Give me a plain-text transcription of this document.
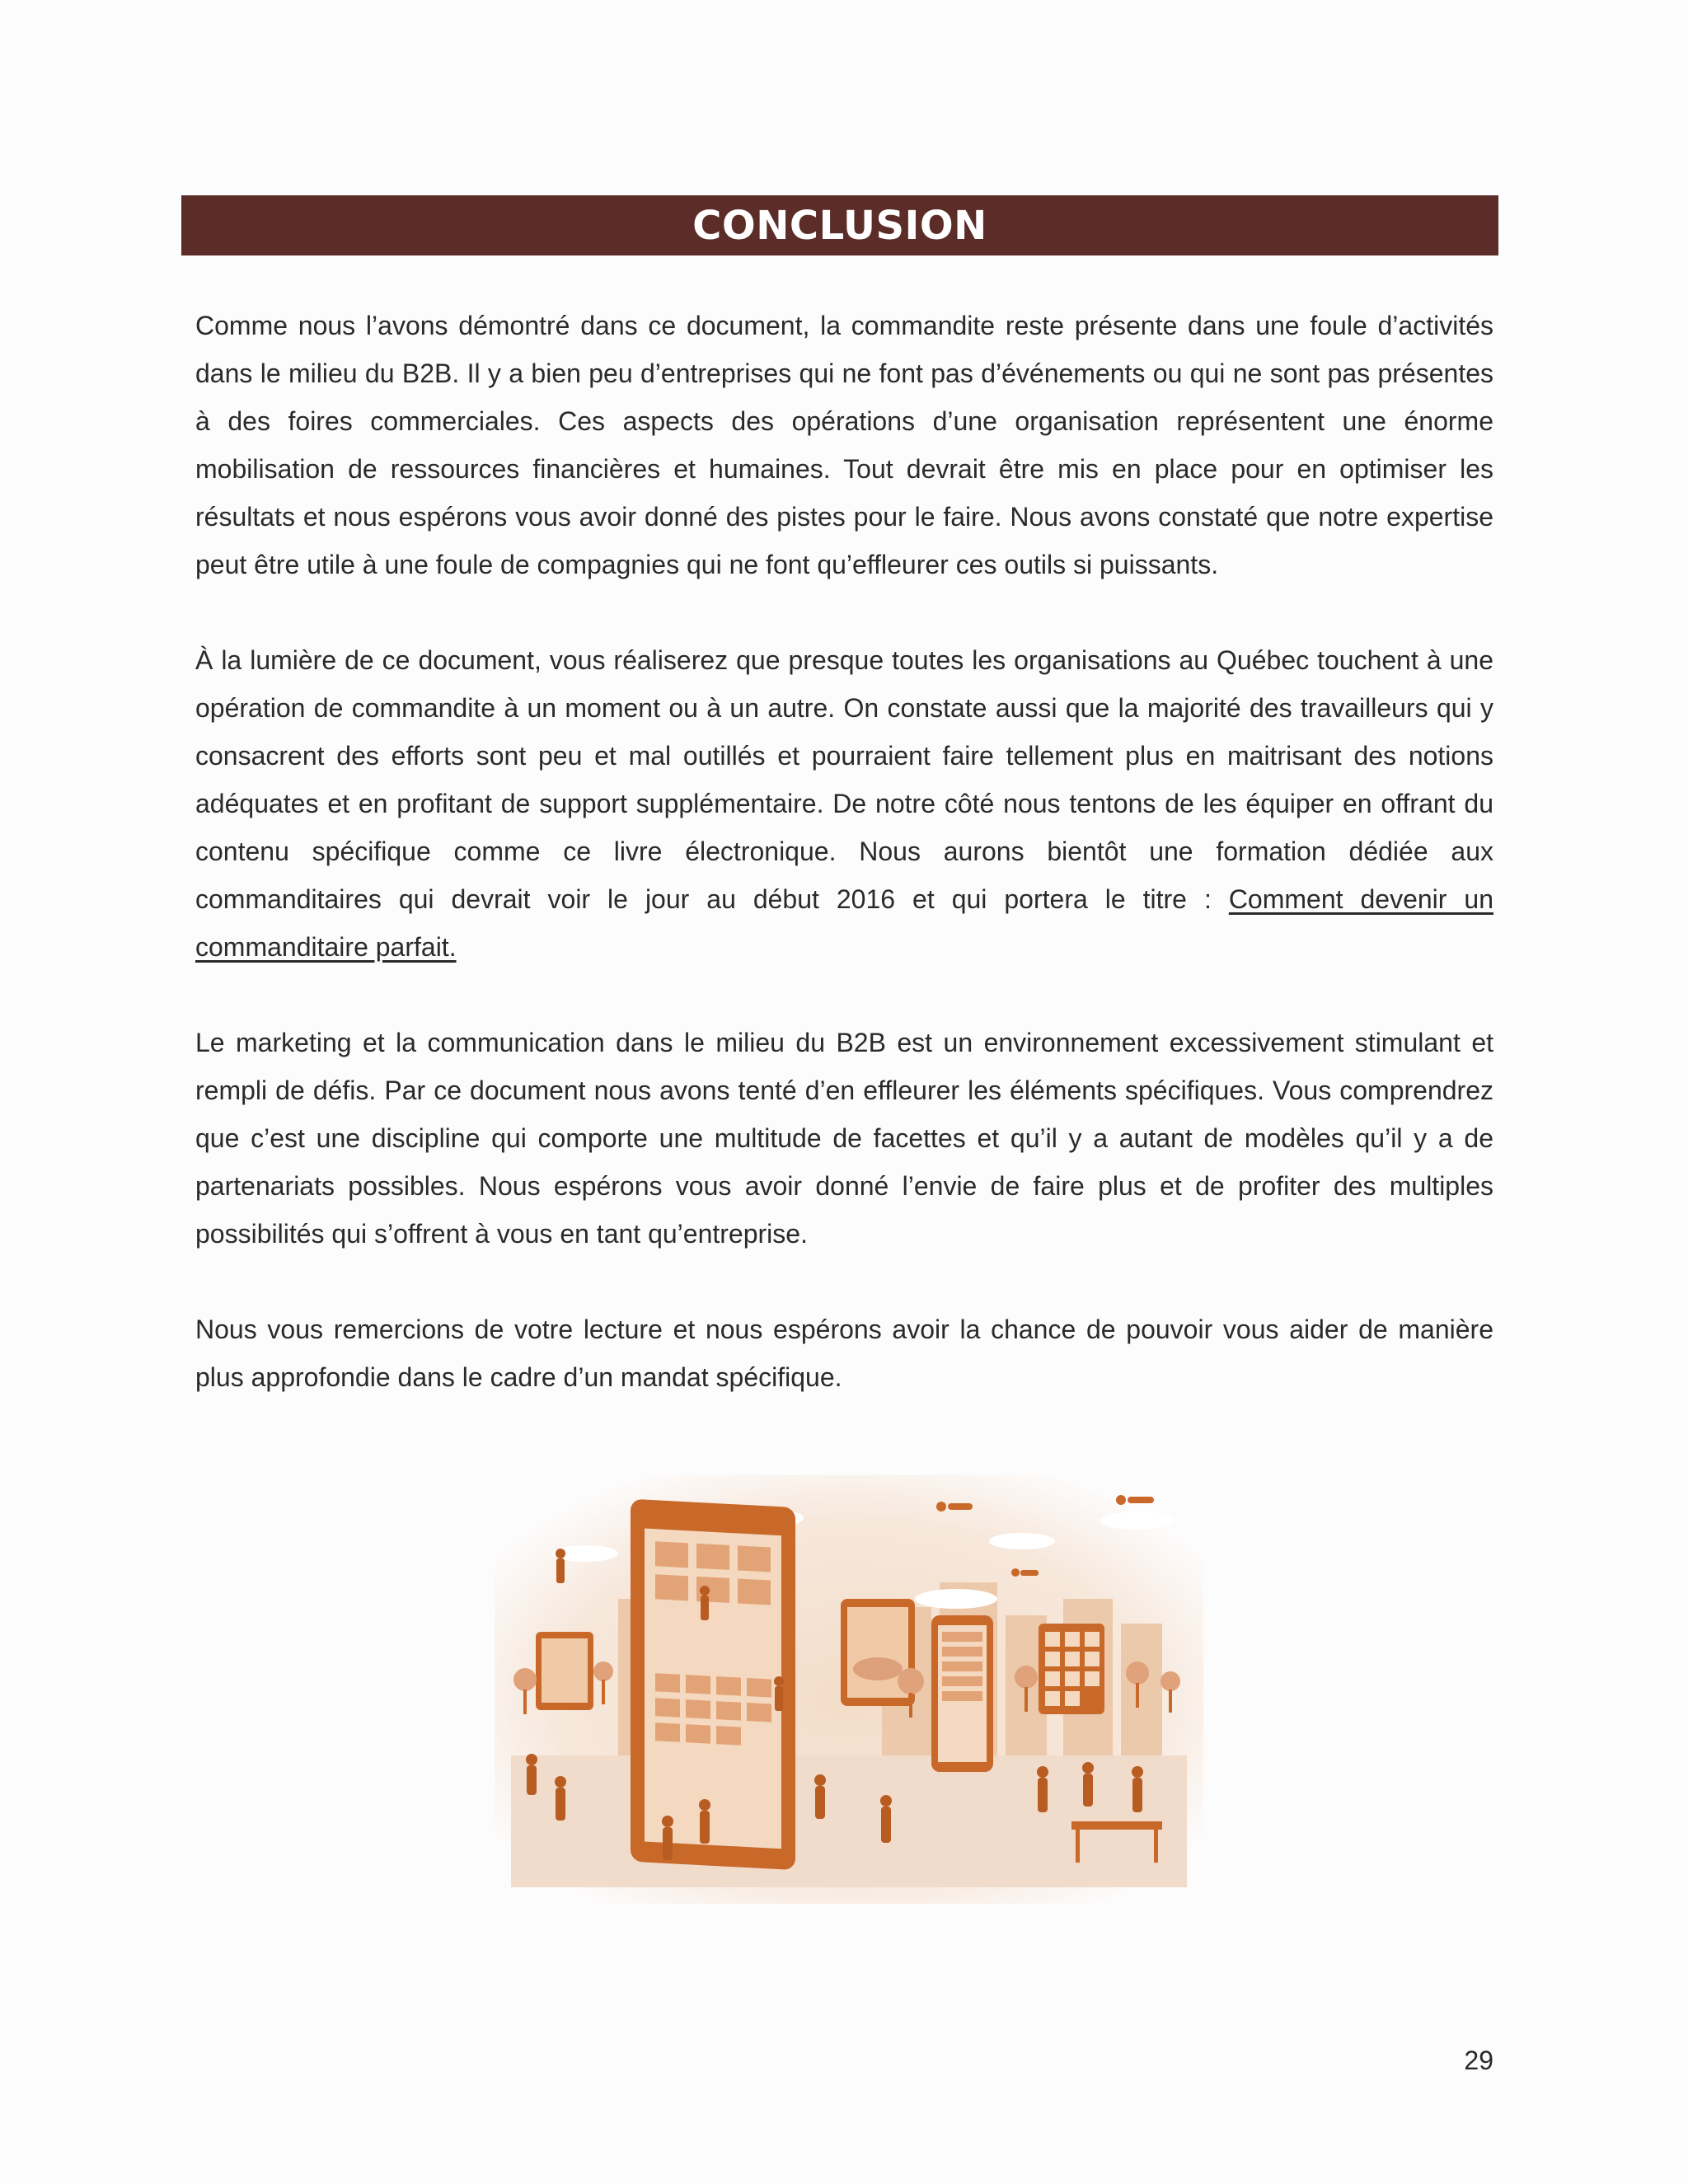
CONCLUSION

Comme nous l’avons démontré dans ce document, la commandite reste présente dans une foule d’activités dans le milieu du B2B. Il y a bien peu d’entreprises qui ne font pas d’événements ou qui ne sont pas présentes à des foires commerciales. Ces aspects des opérations d’une organisation représentent une énorme mobilisation de ressources financières et humaines. Tout devrait être mis en place pour en optimiser les résultats et nous espérons vous avoir donné des pistes pour le faire. Nous avons constaté que notre expertise peut être utile à une foule de compagnies qui ne font qu’effleurer ces outils si puissants.

À la lumière de ce document, vous réaliserez que presque toutes les organisations au Québec touchent à une opération de commandite à un moment ou à un autre. On constate aussi que la majorité des travailleurs qui y consacrent des efforts sont peu et mal outillés et pourraient faire tellement plus en maitrisant des notions adéquates et en profitant de support supplémentaire. De notre côté nous tentons de les équiper en offrant du contenu spécifique comme ce livre électronique. Nous aurons bientôt une formation dédiée aux commanditaires qui devrait voir le jour au début 2016 et qui portera le titre : Comment devenir un commanditaire parfait.

Le marketing et la communication dans le milieu du B2B est un environnement excessivement stimulant et rempli de défis. Par ce document nous avons tenté d’en effleurer les éléments spécifiques. Vous comprendrez que c’est une discipline qui comporte une multitude de facettes et qu’il y a autant de modèles qu’il y a de partenariats possibles. Nous espérons vous avoir donné l’envie de faire plus et de profiter des multiples possibilités qui s’offrent à vous en tant qu’entreprise.

Nous vous remercions de votre lecture et nous espérons avoir la chance de pouvoir vous aider de manière plus approfondie dans le cadre d’un mandat spécifique.

29
